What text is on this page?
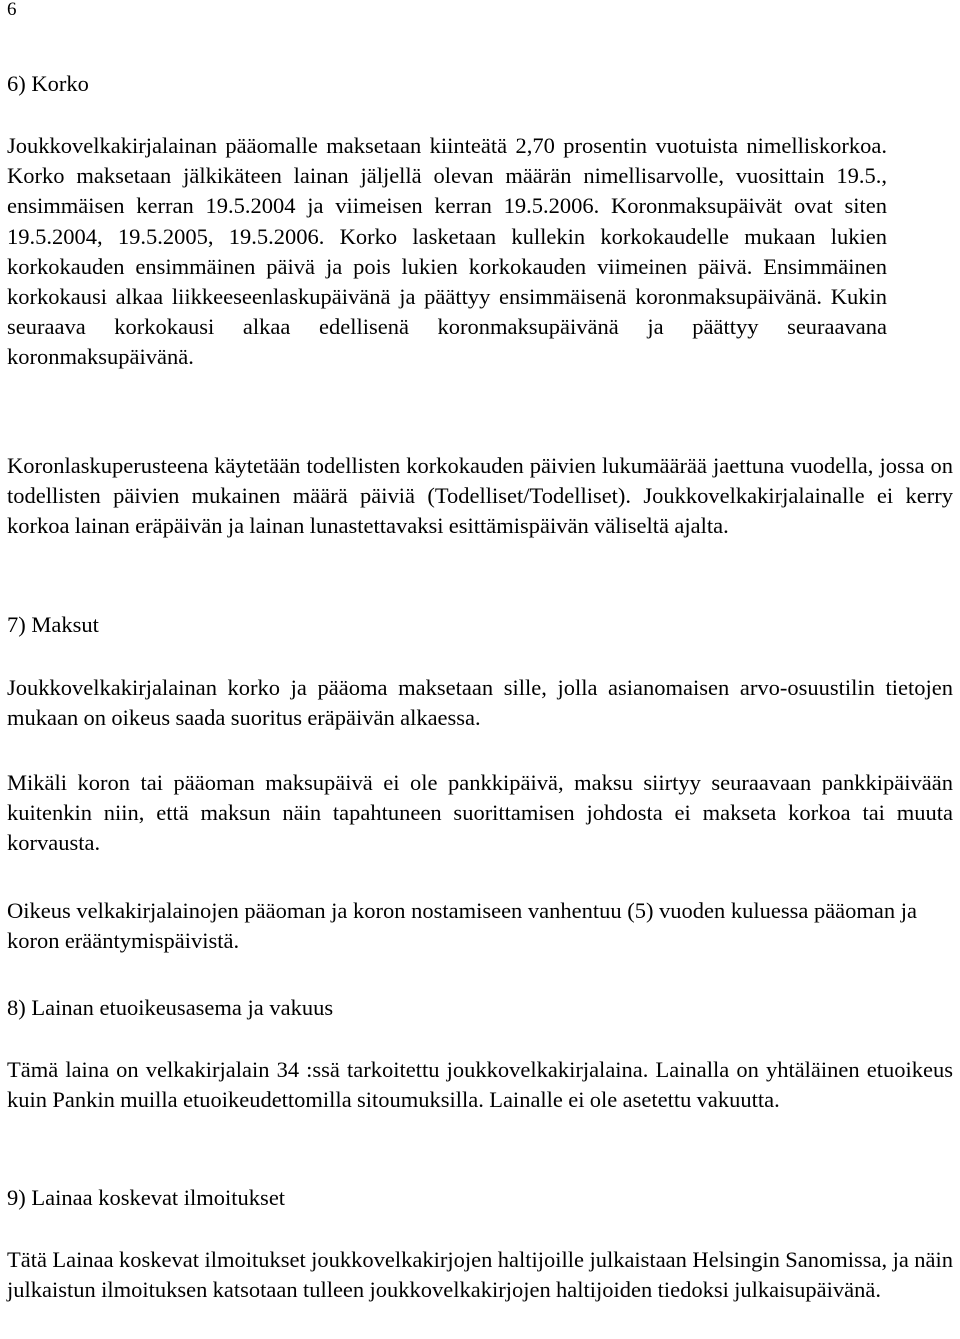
6

6) Korko

Joukkovelkakirjalainan pääomalle maksetaan kiinteätä 2,70 prosentin vuotuista nimelliskorkoa. Korko maksetaan jälkikäteen lainan jäljellä olevan määrän nimellisarvolle, vuosittain 19.5., ensimmäisen kerran 19.5.2004 ja viimeisen kerran 19.5.2006. Koronmaksupäivät ovat siten 19.5.2004, 19.5.2005, 19.5.2006. Korko lasketaan kullekin korkokaudelle mukaan lukien korkokauden ensimmäinen päivä ja pois lukien korkokauden viimeinen päivä. Ensimmäinen korkokausi alkaa liikkeeseenlaskupäivänä ja päättyy ensimmäisenä koronmaksupäivänä. Kukin seuraava korkokausi alkaa edellisenä koronmaksupäivänä ja päättyy seuraavana koronmaksupäivänä.

Koronlaskuperusteena käytetään todellisten korkokauden päivien lukumäärää jaettuna vuodella, jossa on todellisten päivien mukainen määrä päiviä (Todelliset/Todelliset). Joukkovelkakirjalainalle ei kerry korkoa lainan eräpäivän ja lainan lunastettavaksi esittämispäivän väliseltä ajalta.

7) Maksut

Joukkovelkakirjalainan korko ja pääoma maksetaan sille, jolla asianomaisen arvo-osuustilin tietojen mukaan on oikeus saada suoritus eräpäivän alkaessa.

Mikäli koron tai pääoman maksupäivä ei ole pankkipäivä, maksu siirtyy seuraavaan pankkipäivään kuitenkin niin, että maksun näin tapahtuneen suorittamisen johdosta ei makseta korkoa tai muuta korvausta.

Oikeus velkakirjalainojen pääoman ja koron nostamiseen vanhentuu (5) vuoden kuluessa pääoman ja koron erääntymispäivistä.

8) Lainan etuoikeusasema ja vakuus

Tämä laina on velkakirjalain 34 :ssä tarkoitettu joukkovelkakirjalaina. Lainalla on yhtäläinen etuoikeus kuin Pankin muilla etuoikeudettomilla sitoumuksilla. Lainalle ei ole asetettu vakuutta.

9) Lainaa koskevat ilmoitukset

Tätä Lainaa koskevat ilmoitukset joukkovelkakirjojen haltijoille julkaistaan Helsingin Sanomissa, ja näin julkaistun ilmoituksen katsotaan tulleen joukkovelkakirjojen haltijoiden tiedoksi julkaisupäivänä.
